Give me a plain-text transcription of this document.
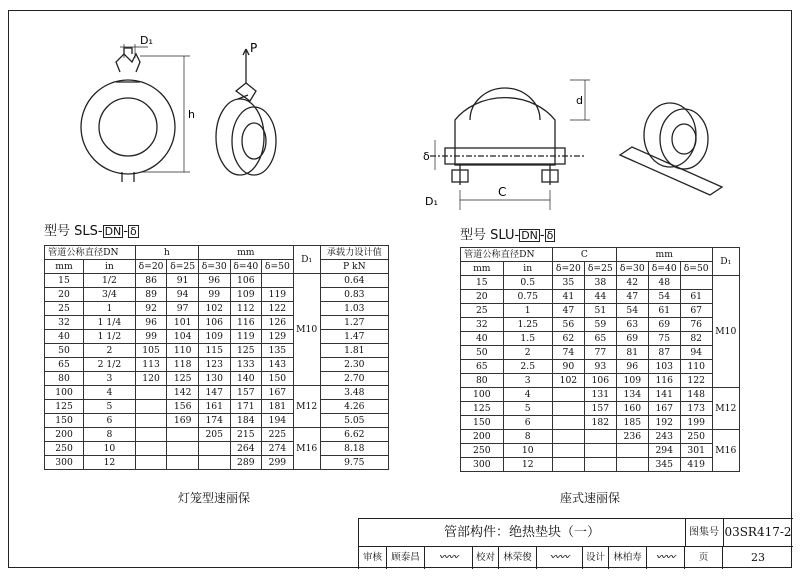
D₁
h
P
C
D₁
d
δ
型号 SLS- DN - δ
管道公称直径DN		h		mm			D₁	承载力设计值
mm	in	δ=20	δ=25	δ=30	δ=40	δ=50		P kN
15	1/2	86	91	96	106		M10	0.64
20	3/4	89	94	99	109	119		0.83
25	1	92	97	102	112	122		1.03
32	1 1/4	96	101	106	116	126		1.27
40	1 1/2	99	104	109	119	129		1.47
50	2	105	110	115	125	135		1.81
65	2 1/2	113	118	123	133	143		2.30
80	3	120	125	130	140	150		2.70
100	4		142	147	157	167	M12	3.48
125	5		156	161	171	181		4.26
150	6		169	174	184	194		5.05
200	8			205	215	225	M16	6.62
250	10				264	274		8.18
300	12				289	299		9.75
型号 SLU- DN - δ
管道公称直径DN		C		mm			D₁
mm	in	δ=20	δ=25	δ=30	δ=40	δ=50	
15	0.5	35	38	42	48		M10
20	0.75	41	44	47	54	61	
25	1	47	51	54	61	67	
32	1.25	56	59	63	69	76	
40	1.5	62	65	69	75	82	
50	2	74	77	81	87	94	
65	2.5	90	93	96	103	110	
80	3	102	106	109	116	122	
100	4		131	134	141	148	M12
125	5		157	160	167	173	
150	6		182	185	192	199	
200	8			236	243	250	M16
250	10				294	301	
300	12				345	419	
灯笼型速丽保	座式速丽保
管部构件：绝热垫块（一）	图集号 03SR417-2
审核 顾泰昌	〰〰	校对 林荣俊	〰〰	设计 林柏寿	〰〰	页	23
